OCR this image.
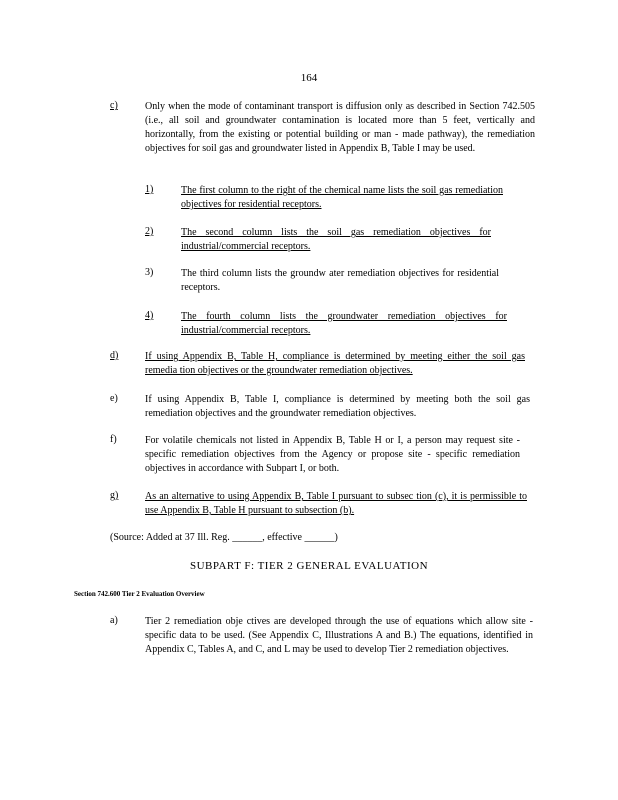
164
c)	Only when the mode of contaminant transport is diffusion only as described in Section 742.505 (i.e., all soil and groundwater contamination is located more than 5 feet, vertically and horizontally, from the existing or potential building or man - made pathway), the remediation objectives for soil gas and groundwater listed in Appendix B, Table I may be used.
1)	The first column to the right of the chemical name lists the soil gas remediation objectives for residential receptors.
2)	The second column lists the soil gas remediation objectives for industrial/commercial receptors.
3)	The third column lists the groundw ater remediation objectives for residential receptors.
4)	The fourth column lists the groundwater remediation objectives for industrial/commercial receptors.
d)	If using Appendix B, Table H, compliance is determined by meeting either the soil gas remedia tion objectives or the groundwater remediation objectives.
e)	If using Appendix B, Table I, compliance is determined by meeting both the soil gas remediation objectives and the groundwater remediation objectives.
f)	For volatile chemicals not listed in Appendix B, Table H or I, a person may request site -specific remediation objectives from the Agency or propose site - specific remediation objectives in accordance with Subpart I, or both.
g)	As an alternative to using Appendix B, Table I pursuant to subsec tion (c), it is permissible to use Appendix B, Table H pursuant to subsection (b).
(Source: Added at 37 Ill. Reg. ______, effective ______)
SUBPART F: TIER 2 GENERAL EVALUATION
Section 742.600 Tier 2 Evaluation Overview
a)	Tier 2 remediation obje ctives are developed through the use of equations which allow site -specific data to be used. (See Appendix C, Illustrations A and B.) The equations, identified in Appendix C, Tables A, and C, and L may be used to develop Tier 2 remediation objectives.
